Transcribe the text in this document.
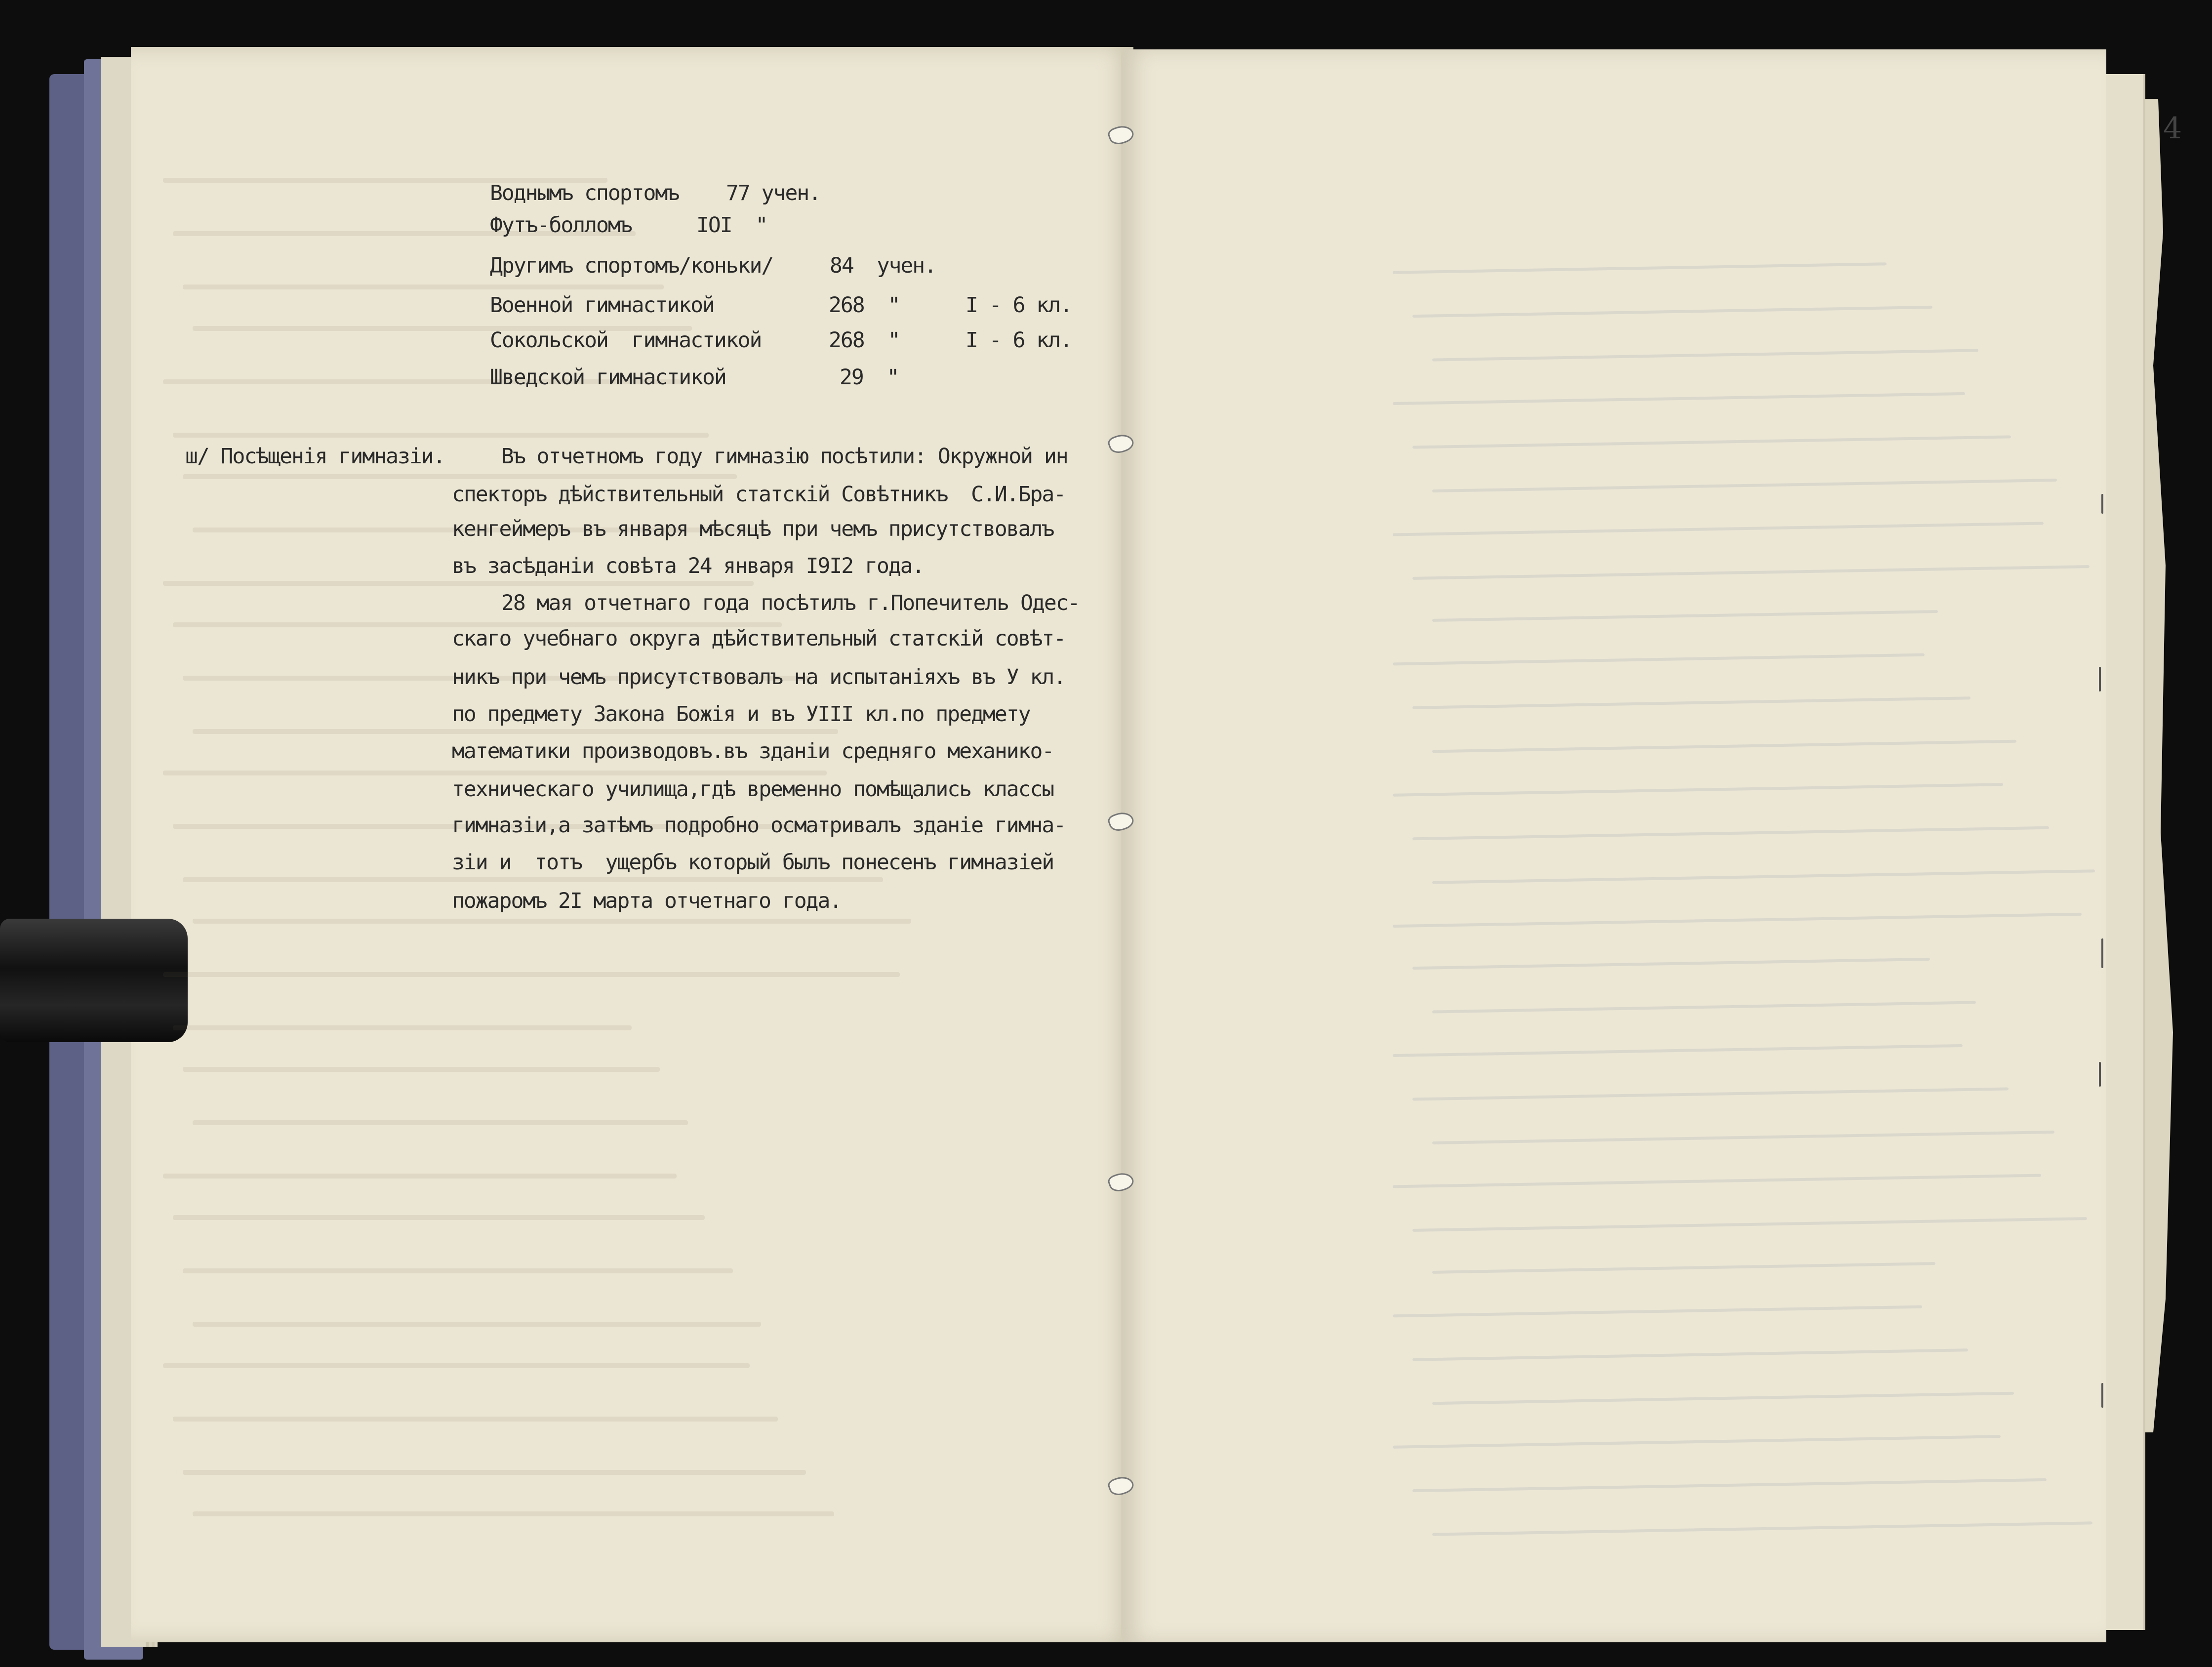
4
Воднымъ спортомъ 77 учен.
Футъ-болломъ	IOI  "
Другимъ спортомъ/коньки/	84  учен.
Военной гимнастикой	268  "	I - 6 кл.
Сокольской  гимнастикой	268  "	I - 6 кл.
Шведской гимнастикой	29  "
ш/ Посѣщенiя гимназiи.	Въ отчетномъ году гимназiю посѣтили: Окружной ин
спекторъ дѣйствительный статскiй Совѣтникъ  С.И.Бра-
кенгеймеръ въ января мѣсяцѣ при чемъ присутствовалъ
въ засѣданiи совѣта 24 января I9I2 года.
28 мая отчетнаго года посѣтилъ г.Попечитель Одес-
скаго учебнаго округа дѣйствительный статскiй совѣт-
никъ при чемъ присутствовалъ на испытанiяхъ въ У кл.
по предмету Закона Божiя и въ УIII кл.по предмету
математики производовъ.въ зданiи средняго механико-
техническаго училища,гдѣ временно помѣщались классы
гимназiи,а затѣмъ подробно осматривалъ зданiе гимна-
зiи и  тотъ  ущербъ который былъ понесенъ гимназiей
пожаромъ 2I марта отчетнаго года.
